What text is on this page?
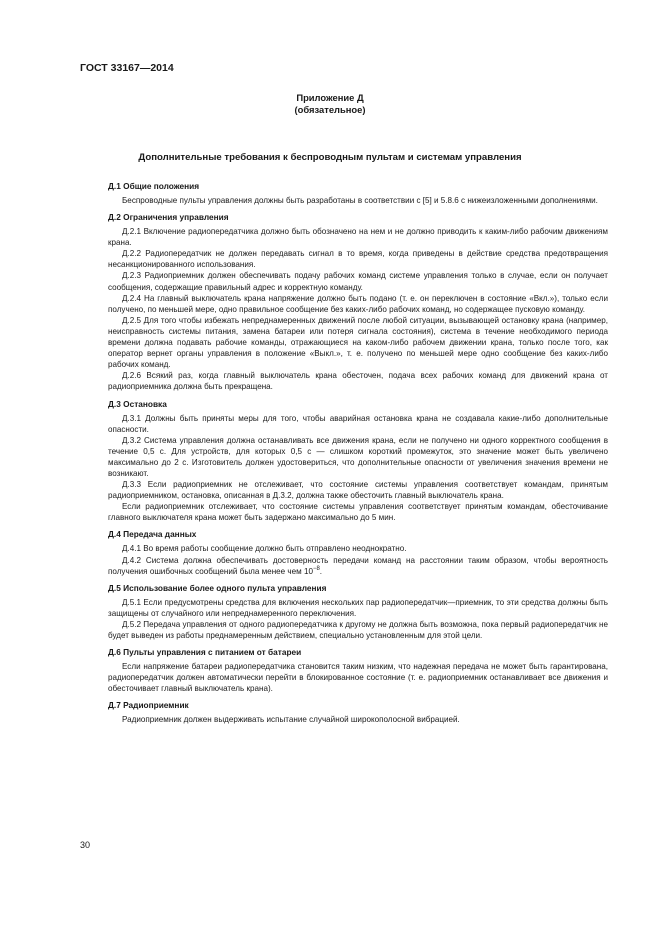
ГОСТ 33167—2014
Приложение Д
(обязательное)
Дополнительные требования к беспроводным пультам и системам управления
Д.1 Общие положения

Беспроводные пульты управления должны быть разработаны в соответствии с [5] и 5.8.6 с нижеизложенными дополнениями.

Д.2 Ограничения управления

Д.2.1 Включение радиопередатчика должно быть обозначено на нем и не должно приводить к каким-либо рабочим движениям крана.

Д.2.2 Радиопередатчик не должен передавать сигнал в то время, когда приведены в действие средства предотвращения несанкционированного использования.

Д.2.3 Радиоприемник должен обеспечивать подачу рабочих команд системе управления только в случае, если он получает сообщения, содержащие правильный адрес и корректную команду.

Д.2.4 На главный выключатель крана напряжение должно быть подано (т. е. он переключен в состояние «Вкл.»), только если получено, по меньшей мере, одно правильное сообщение без каких-либо рабочих команд, но содержащее пусковую команду.

Д.2.5 Для того чтобы избежать непреднамеренных движений после любой ситуации, вызывающей остановку крана (например, неисправность системы питания, замена батареи или потеря сигнала состояния), система в течение необходимого периода времени должна подавать рабочие команды, отражающиеся на каком-либо рабочем движении крана, только после того, как оператор вернет органы управления в положение «Выкл.», т. е. получено по меньшей мере одно сообщение без каких-либо рабочих команд.

Д.2.6 Всякий раз, когда главный выключатель крана обесточен, подача всех рабочих команд для движений крана от радиоприемника должна быть прекращена.

Д.3 Остановка

Д.3.1 Должны быть приняты меры для того, чтобы аварийная остановка крана не создавала какие-либо дополнительные опасности.

Д.3.2 Система управления должна останавливать все движения крана, если не получено ни одного корректного сообщения в течение 0,5 с. Для устройств, для которых 0,5 с — слишком короткий промежуток, это значение может быть увеличено максимально до 2 с. Изготовитель должен удостовериться, что дополнительные опасности от увеличения значения времени не возникают.

Д.3.3 Если радиоприемник не отслеживает, что состояние системы управления соответствует командам, принятым радиоприемником, остановка, описанная в Д.3.2, должна также обесточить главный выключатель крана.

Если радиоприемник отслеживает, что состояние системы управления соответствует принятым командам, обесточивание главного выключателя крана может быть задержано максимально до 5 мин.

Д.4 Передача данных

Д.4.1 Во время работы сообщение должно быть отправлено неоднократно.

Д.4.2 Система должна обеспечивать достоверность передачи команд на расстоянии таким образом, чтобы вероятность получения ошибочных сообщений была менее чем $10^{-8}$.

Д.5 Использование более одного пульта управления

Д.5.1 Если предусмотрены средства для включения нескольких пар радиопередатчик—приемник, то эти средства должны быть защищены от случайного или непреднамеренного переключения.

Д.5.2 Передача управления от одного радиопередатчика к другому не должна быть возможна, пока первый радиопередатчик не будет выведен из работы преднамеренным действием, специально установленным для этой цели.

Д.6 Пульты управления с питанием от батареи

Если напряжение батареи радиопередатчика становится таким низким, что надежная передача не может быть гарантирована, радиопередатчик должен автоматически перейти в блокированное состояние (т. е. радиоприемник останавливает все движения и обесточивает главный выключатель крана).

Д.7 Радиоприемник

Радиоприемник должен выдерживать испытание случайной широкополосной вибрацией.

30
